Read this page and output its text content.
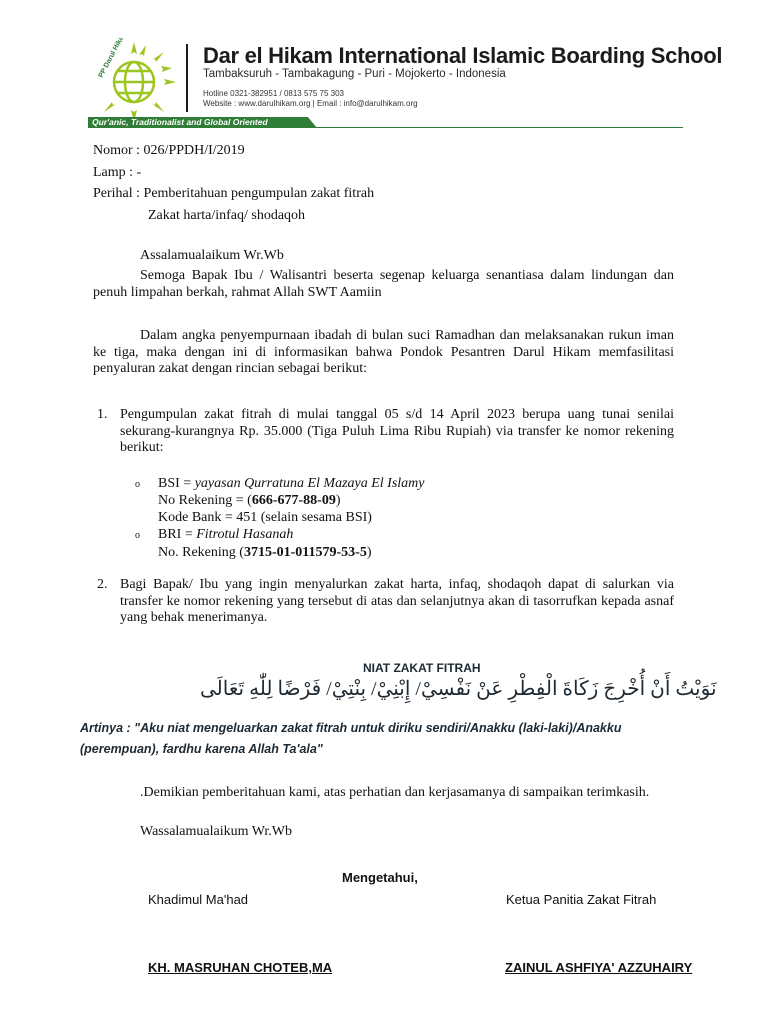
PP Darul Hikam	Dar el Hikam International Islamic Boarding School
Tambaksuruh - Tambakagung - Puri - Mojokerto - Indonesia
Hotline 0321-382951 / 0813 575 75 303
Website : www.darulhikam.org | Email : info@darulhikam.org
Qur'anic, Traditionalist and Global Oriented
Nomor : 026/PPDH/I/2019
Lamp : -
Perihal : Pemberitahuan pengumpulan zakat fitrah
Zakat harta/infaq/ shodaqoh
Assalamualaikum Wr.Wb
Semoga Bapak Ibu / Walisantri beserta segenap keluarga senantiasa dalam lindungan dan penuh limpahan berkah, rahmat Allah SWT Aamiin
Dalam angka penyempurnaan ibadah di bulan suci Ramadhan dan melaksanakan rukun iman ke tiga, maka dengan ini di informasikan bahwa Pondok Pesantren Darul Hikam memfasilitasi penyaluran zakat dengan rincian sebagai berikut:
1. Pengumpulan zakat fitrah di mulai tanggal 05 s/d 14 April 2023 berupa uang tunai senilai sekurang-kurangnya Rp. 35.000 (Tiga Puluh Lima Ribu Rupiah) via transfer ke nomor rekening berikut:
o BSI = yayasan Qurratuna El Mazaya El Islamy
No Rekening = (666-677-88-09)
Kode Bank = 451 (selain sesama BSI)
o BRI = Fitrotul Hasanah
No. Rekening (3715-01-011579-53-5)
2. Bagi Bapak/ Ibu yang ingin menyalurkan zakat harta, infaq, shodaqoh dapat di salurkan via transfer ke nomor rekening yang tersebut di atas dan selanjutnya akan di tasorrufkan kepada asnaf yang behak menerimanya.
NIAT ZAKAT FITRAH
نَوَيْتُ أَنْ أُخْرِجَ زَكَاةَ الْفِطْرِ عَنْ نَفْسِيْ/ إِبْنِيْ/ بِنْتِيْ/ فَرْضًا لِلّٰهِ تَعَالَى
Artinya : "Aku niat mengeluarkan zakat fitrah untuk diriku sendiri/Anakku (laki-laki)/Anakku (perempuan), fardhu karena Allah Ta'ala"
.Demikian pemberitahuan kami, atas perhatian dan kerjasamanya di sampaikan terimkasih.
Wassalamualaikum Wr.Wb
Mengetahui,
Khadimul Ma'had	Ketua Panitia Zakat Fitrah
KH. MASRUHAN CHOTEB,MA	ZAINUL ASHFIYA' AZZUHAIRY
